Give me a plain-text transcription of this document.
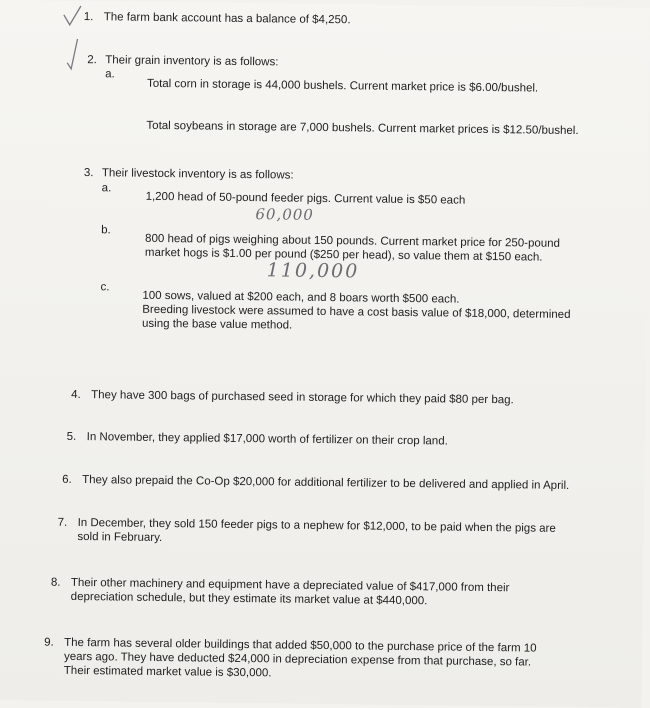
1. The farm bank account has a balance of $4,250.
2. Their grain inventory is as follows:
a.
Total corn in storage is 44,000 bushels. Current market price is $6.00/bushel.
Total soybeans in storage are 7,000 bushels. Current market prices is $12.50/bushel.
3. Their livestock inventory is as follows:
a.
1,200 head of 50-pound feeder pigs. Current value is $50 each
60,000
b.
800 head of pigs weighing about 150 pounds. Current market price for 250-pound
market hogs is $1.00 per pound ($250 per head), so value them at $150 each.
110,000
c.
100 sows, valued at $200 each, and 8 boars worth $500 each.
Breeding livestock were assumed to have a cost basis value of $18,000, determined
using the base value method.
4. They have 300 bags of purchased seed in storage for which they paid $80 per bag.
5. In November, they applied $17,000 worth of fertilizer on their crop land.
6. They also prepaid the Co-Op $20,000 for additional fertilizer to be delivered and applied in April.
7. In December, they sold 150 feeder pigs to a nephew for $12,000, to be paid when the pigs are
sold in February.
8. Their other machinery and equipment have a depreciated value of $417,000 from their
depreciation schedule, but they estimate its market value at $440,000.
9. The farm has several older buildings that added $50,000 to the purchase price of the farm 10
years ago. They have deducted $24,000 in depreciation expense from that purchase, so far.
Their estimated market value is $30,000.
